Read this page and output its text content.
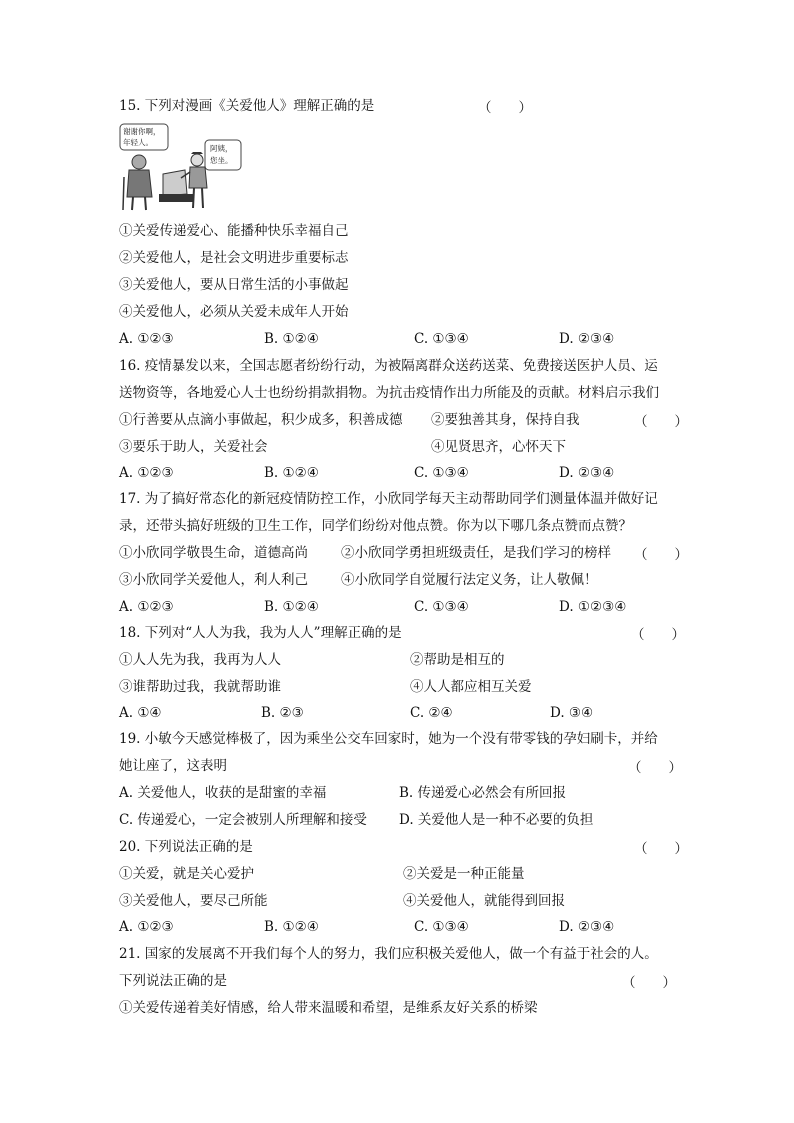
15. 下列对漫画《关爱他人》理解正确的是	（　　）
谢谢你啊，
年轻人。
阿姨，
您坐。
①关爱传递爱心、能播种快乐幸福自己
②关爱他人，是社会文明进步重要标志
③关爱他人，要从日常生活的小事做起
④关爱他人，必须从关爱未成年人开始
A. ①②③	B. ①②④	C. ①③④	D. ②③④
16. 疫情暴发以来，全国志愿者纷纷行动，为被隔离群众送药送菜、免费接送医护人员、运
送物资等，各地爱心人士也纷纷捐款捐物。为抗击疫情作出力所能及的贡献。材料启示我们
①行善要从点滴小事做起，积少成多，积善成德 ②要独善其身，保持自我	（　　）
③要乐于助人，关爱社会	④见贤思齐，心怀天下
A. ①②③	B. ①②④	C. ①③④	D. ②③④
17. 为了搞好常态化的新冠疫情防控工作，小欣同学每天主动帮助同学们测量体温并做好记
录，还带头搞好班级的卫生工作，同学们纷纷对他点赞。你为以下哪几条点赞而点赞？
①小欣同学敬畏生命，道德高尚 ②小欣同学勇担班级责任，是我们学习的榜样 （　　）
③小欣同学关爱他人，利人利己 ④小欣同学自觉履行法定义务，让人敬佩！
A. ①②③	B. ①②④	C. ①③④	D. ①②③④
18. 下列对“人人为我，我为人人”理解正确的是	（　　）
①人人先为我，我再为人人	②帮助是相互的
③谁帮助过我，我就帮助谁	④人人都应相互关爱
A. ①④	B. ②③	C. ②④	D. ③④
19. 小敏今天感觉棒极了，因为乘坐公交车回家时，她为一个没有带零钱的孕妇刷卡，并给
她让座了，这表明	（　　）
A. 关爱他人，收获的是甜蜜的幸福	B. 传递爱心必然会有所回报
C. 传递爱心，一定会被别人所理解和接受 D. 关爱他人是一种不必要的负担
20. 下列说法正确的是	（　　）
①关爱，就是关心爱护	②关爱是一种正能量
③关爱他人，要尽己所能	④关爱他人，就能得到回报
A. ①②③	B. ①②④	C. ①③④	D. ②③④
21. 国家的发展离不开我们每个人的努力，我们应积极关爱他人，做一个有益于社会的人。
下列说法正确的是	（　　）
①关爱传递着美好情感，给人带来温暖和希望，是维系友好关系的桥梁
